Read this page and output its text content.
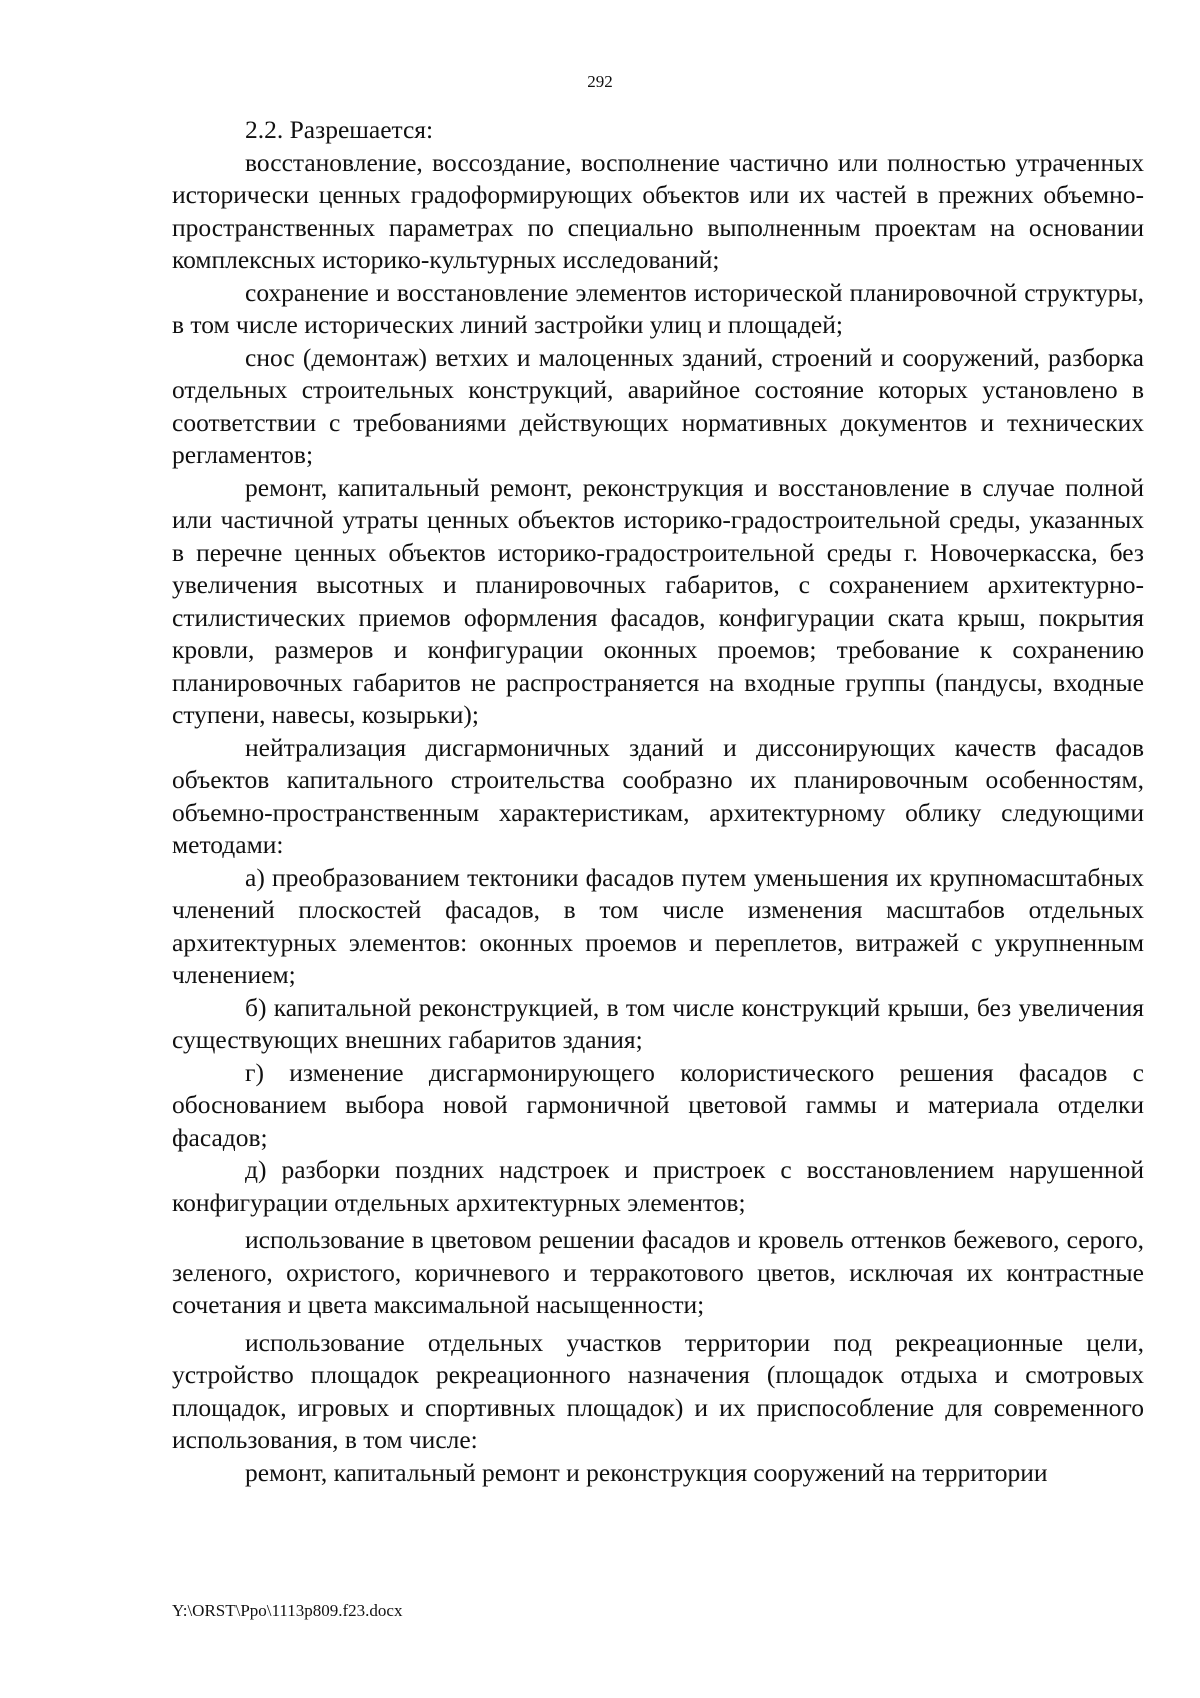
292

2.2. Разрешается:

восстановление, воссоздание, восполнение частично или полностью утраченных исторически ценных градоформирующих объектов или их частей в прежних объемно-пространственных параметрах по специально выполненным проектам на основании комплексных историко-культурных исследований;

сохранение и восстановление элементов исторической планировочной структуры, в том числе исторических линий застройки улиц и площадей;

снос (демонтаж) ветхих и малоценных зданий, строений и сооружений, разборка отдельных строительных конструкций, аварийное состояние которых установлено в соответствии с требованиями действующих нормативных документов и технических регламентов;

ремонт, капитальный ремонт, реконструкция и восстановление в случае полной или частичной утраты ценных объектов историко-градостроительной среды, указанных в перечне ценных объектов историко-градостроительной среды г. Новочеркасска, без увеличения высотных и планировочных габаритов, с сохранением архитектурно-стилистических приемов оформления фасадов, конфигурации ската крыш, покрытия кровли, размеров и конфигурации оконных проемов; требование к сохранению планировочных габаритов не распространяется на входные группы (пандусы, входные ступени, навесы, козырьки);

нейтрализация дисгармоничных зданий и диссонирующих качеств фасадов объектов капитального строительства сообразно их планировочным особенностям, объемно-пространственным характеристикам, архитектурному облику следующими методами:

а) преобразованием тектоники фасадов путем уменьшения их крупномасштабных членений плоскостей фасадов, в том числе изменения масштабов отдельных архитектурных элементов: оконных проемов и переплетов, витражей с укрупненным членением;

б) капитальной реконструкцией, в том числе конструкций крыши, без увеличения существующих внешних габаритов здания;

г) изменение дисгармонирующего колористического решения фасадов с обоснованием выбора новой гармоничной цветовой гаммы и материала отделки фасадов;

д) разборки поздних надстроек и пристроек с восстановлением нарушенной конфигурации отдельных архитектурных элементов;

использование в цветовом решении фасадов и кровель оттенков бежевого, серого, зеленого, охристого, коричневого и терракотового цветов, исключая их контрастные сочетания и цвета максимальной насыщенности;

использование отдельных участков территории под рекреационные цели, устройство площадок рекреационного назначения (площадок отдыха и смотровых площадок, игровых и спортивных площадок) и их приспособление для современного использования, в том числе:

ремонт, капитальный ремонт и реконструкция сооружений на территории

Y:\ORST\Ppo\1113p809.f23.docx
